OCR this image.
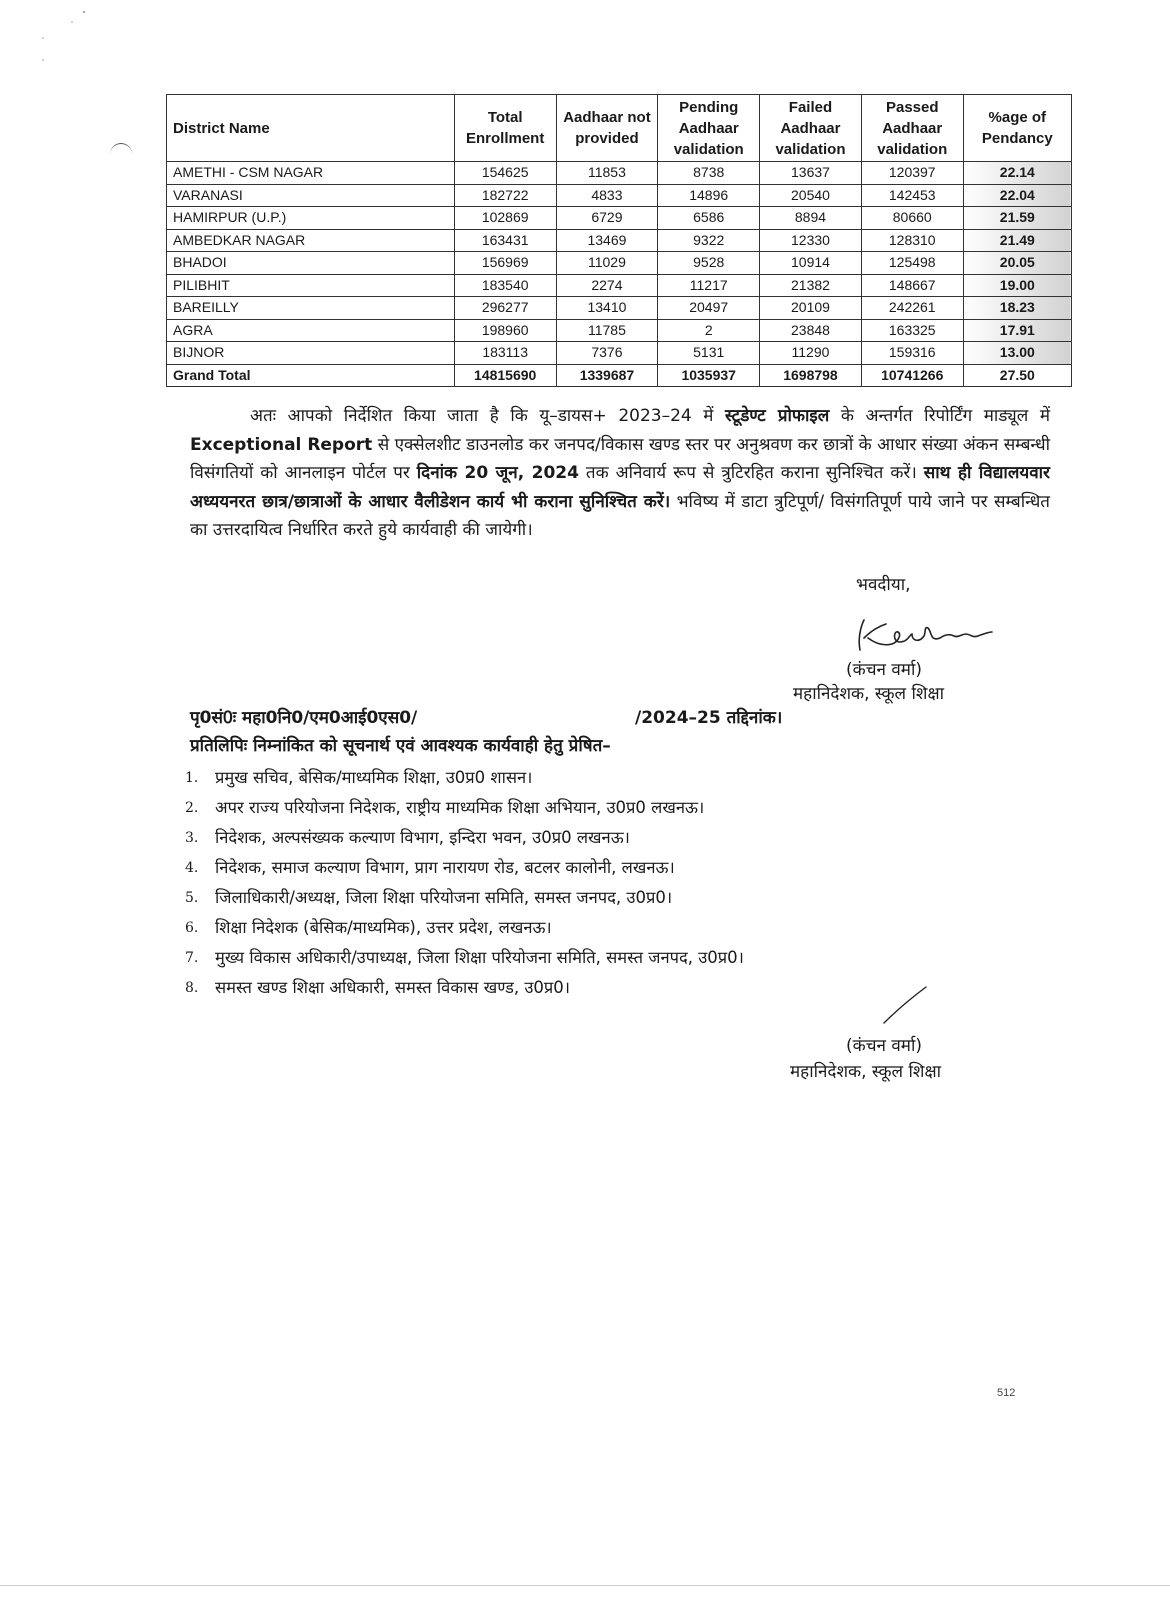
District Name	Total Enrollment	Aadhaar not provided	Pending Aadhaar validation	Failed Aadhaar validation	Passed Aadhaar validation	%age of Pendancy
AMETHI - CSM NAGAR	154625	11853	8738	13637	120397	22.14
VARANASI	182722	4833	14896	20540	142453	22.04
HAMIRPUR (U.P.)	102869	6729	6586	8894	80660	21.59
AMBEDKAR NAGAR	163431	13469	9322	12330	128310	21.49
BHADOI	156969	11029	9528	10914	125498	20.05
PILIBHIT	183540	2274	11217	21382	148667	19.00
BAREILLY	296277	13410	20497	20109	242261	18.23
AGRA	198960	11785	2	23848	163325	17.91
BIJNOR	183113	7376	5131	11290	159316	13.00
Grand Total	14815690	1339687	1035937	1698798	10741266	27.50
अतः आपको निर्देशित किया जाता है कि यू–डायस+ 2023–24 में स्टूडेण्ट प्रोफाइल के अन्तर्गत रिपोर्टिंग माड्यूल में Exceptional Report से एक्सेलशीट डाउनलोड कर जनपद/विकास खण्ड स्तर पर अनुश्रवण कर छात्रों के आधार संख्या अंकन सम्बन्धी विसंगतियों को आनलाइन पोर्टल पर दिनांक 20 जून, 2024 तक अनिवार्य रूप से त्रुटिरहित कराना सुनिश्चित करें। साथ ही विद्यालयवार अध्ययनरत छात्र/छात्राओं के आधार वैलीडेशन कार्य भी कराना सुनिश्चित करें। भविष्य में डाटा त्रुटिपूर्ण/ विसंगतिपूर्ण पाये जाने पर सम्बन्धित का उत्तरदायित्व निर्धारित करते हुये कार्यवाही की जायेगी।
भवदीया,
(कंचन वर्मा)
महानिदेशक, स्कूल शिक्षा
पृ0सं0ः महा0नि0/एम0आई0एस0/	/2024–25 तद्दिनांक।
प्रतिलिपिः निम्नांकित को सूचनार्थ एवं आवश्यक कार्यवाही हेतु प्रेषित–
1.	प्रमुख सचिव, बेसिक/माध्यमिक शिक्षा, उ0प्र0 शासन।
2.	अपर राज्य परियोजना निदेशक, राष्ट्रीय माध्यमिक शिक्षा अभियान, उ0प्र0 लखनऊ।
3.	निदेशक, अल्पसंख्यक कल्याण विभाग, इन्दिरा भवन, उ0प्र0 लखनऊ।
4.	निदेशक, समाज कल्याण विभाग, प्राग नारायण रोड, बटलर कालोनी, लखनऊ।
5.	जिलाधिकारी/अध्यक्ष, जिला शिक्षा परियोजना समिति, समस्त जनपद, उ0प्र0।
6.	शिक्षा निदेशक (बेसिक/माध्यमिक), उत्तर प्रदेश, लखनऊ।
7.	मुख्य विकास अधिकारी/उपाध्यक्ष, जिला शिक्षा परियोजना समिति, समस्त जनपद, उ0प्र0।
8.	समस्त खण्ड शिक्षा अधिकारी, समस्त विकास खण्ड, उ0प्र0।
(कंचन वर्मा)
महानिदेशक, स्कूल शिक्षा
512
